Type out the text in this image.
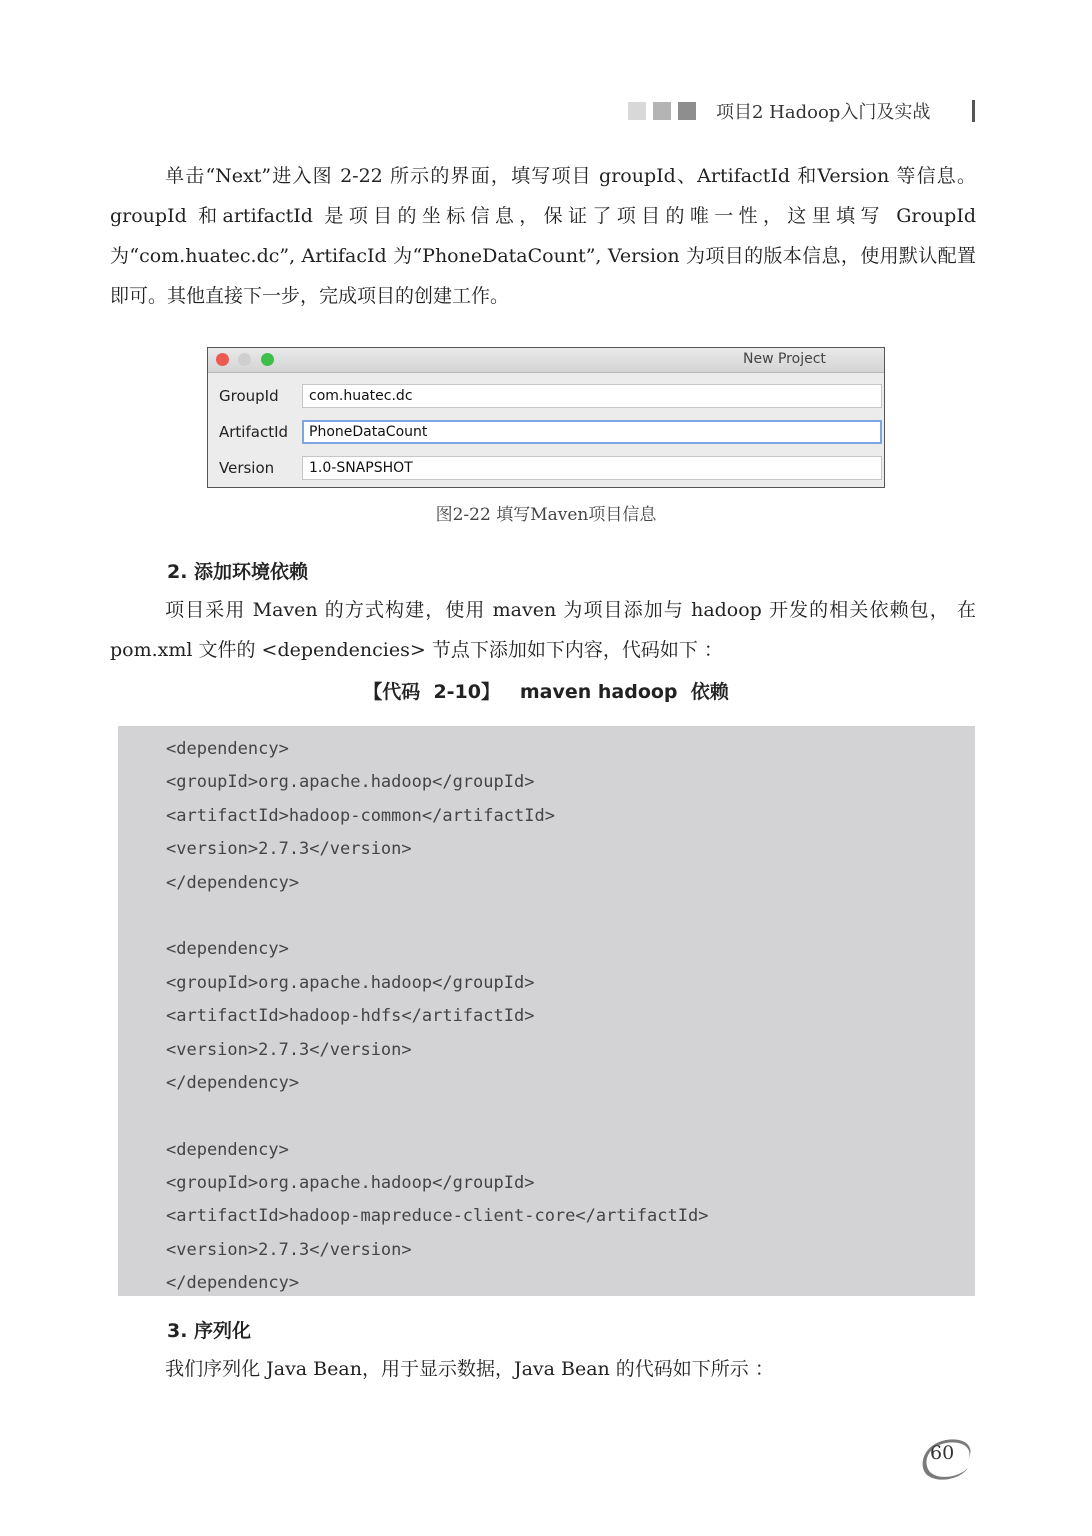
项目2 Hadoop入门及实战

单击“Next”进入图 2-22 所示的界面，填写项目 groupId、ArtifactId 和Version 等信息。groupId 和artifactId 是项目的坐标信息，保证了项目的唯一性，这里填写 GroupId 为“com.huatec.dc”, ArtifacId 为“PhoneDataCount”, Version 为项目的版本信息，使用默认配置即可。其他直接下一步，完成项目的创建工作。

New Project
GroupId	com.huatec.dc
ArtifactId	PhoneDataCount
Version	1.0-SNAPSHOT
图2-22 填写Maven项目信息
2. 添加环境依赖

项目采用 Maven 的方式构建，使用 maven 为项目添加与 hadoop 开发的相关依赖包， 在 pom.xml 文件的 <dependencies> 节点下添加如下内容，代码如下 ：

【代码  2-10】   maven hadoop  依赖
<dependency>
<groupId>org.apache.hadoop</groupId>
<artifactId>hadoop-common</artifactId>
<version>2.7.3</version>
</dependency>
<dependency>
<groupId>org.apache.hadoop</groupId>
<artifactId>hadoop-hdfs</artifactId>
<version>2.7.3</version>
</dependency>
<dependency>
<groupId>org.apache.hadoop</groupId>
<artifactId>hadoop-mapreduce-client-core</artifactId>
<version>2.7.3</version>
</dependency>
3. 序列化

我们序列化 Java Bean，用于显示数据，Java Bean 的代码如下所示 ：

60
